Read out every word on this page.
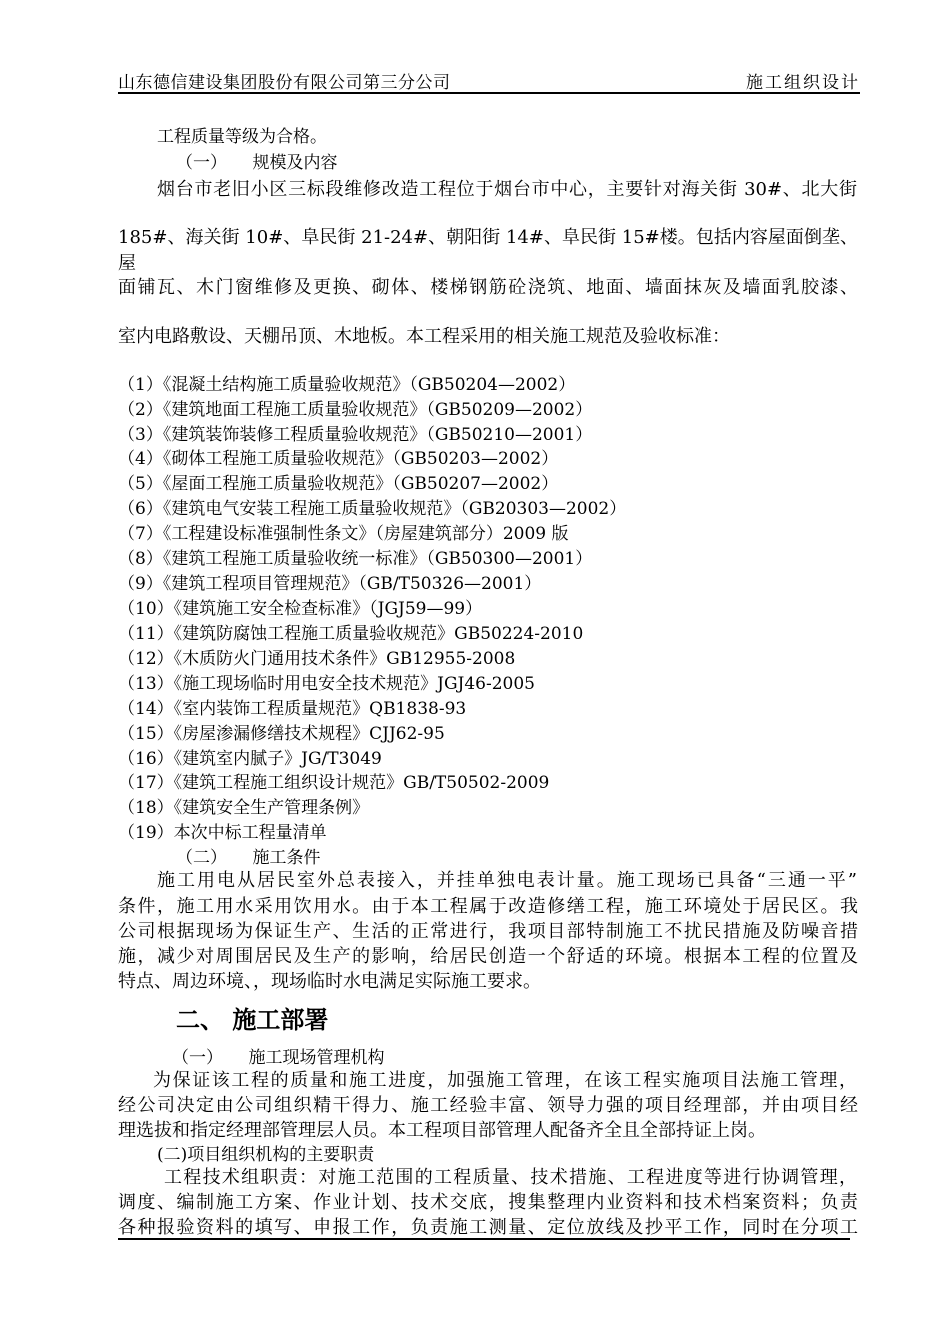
山东德信建设集团股份有限公司第三分公司	施工组织设计
工程质量等级为合格。
（一）　　规模及内容
烟台市老旧小区三标段维修改造工程位于烟台市中心，主要针对海关街 30#、北大街
185#、海关街 10#、阜民街 21-24#、朝阳街 14#、阜民街 15#楼。包括内容屋面倒垄、屋
面铺瓦、木门窗维修及更换、砌体、楼梯钢筋砼浇筑、地面、墙面抹灰及墙面乳胶漆、
室内电路敷设、天棚吊顶、木地板。本工程采用的相关施工规范及验收标准：
（1）《混凝土结构施工质量验收规范》（GB50204—2002）
（2）《建筑地面工程施工质量验收规范》（GB50209—2002）
（3）《建筑装饰装修工程质量验收规范》（GB50210—2001）
（4）《砌体工程施工质量验收规范》（GB50203—2002）
（5）《屋面工程施工质量验收规范》（GB50207—2002）
（6）《建筑电气安装工程施工质量验收规范》（GB20303—2002）
（7）《工程建设标准强制性条文》（房屋建筑部分）2009 版
（8）《建筑工程施工质量验收统一标准》（GB50300—2001）
（9）《建筑工程项目管理规范》（GB/T50326—2001）
（10）《建筑施工安全检查标准》（JGJ59—99）
（11）《建筑防腐蚀工程施工质量验收规范》GB50224-2010
（12）《木质防火门通用技术条件》GB12955-2008
（13）《施工现场临时用电安全技术规范》JGJ46-2005
（14）《室内装饰工程质量规范》QB1838-93
（15）《房屋渗漏修缮技术规程》CJJ62-95
（16）《建筑室内腻子》JG/T3049
（17）《建筑工程施工组织设计规范》GB/T50502-2009
（18）《建筑安全生产管理条例》
（19）本次中标工程量清单
（二）　　施工条件
施工用电从居民室外总表接入，并挂单独电表计量。施工现场已具备“三通一平”
条件，施工用水采用饮用水。由于本工程属于改造修缮工程，施工环境处于居民区。我
公司根据现场为保证生产、生活的正常进行，我项目部特制施工不扰民措施及防噪音措
施，减少对周围居民及生产的影响，给居民创造一个舒适的环境。根据本工程的位置及
特点、周边环境、，现场临时水电满足实际施工要求。
二、 施工部署
（一）　　施工现场管理机构
为保证该工程的质量和施工进度，加强施工管理，在该工程实施项目法施工管理，
经公司决定由公司组织精干得力、施工经验丰富、领导力强的项目经理部，并由项目经
理选拔和指定经理部管理层人员。本工程项目部管理人配备齐全且全部持证上岗。
(二)项目组织机构的主要职责
工程技术组职责：对施工范围的工程质量、技术措施、工程进度等进行协调管理，
调度、编制施工方案、作业计划、技术交底，搜集整理内业资料和技术档案资料；负责
各种报验资料的填写、申报工作，负责施工测量、定位放线及抄平工作，同时在分项工
